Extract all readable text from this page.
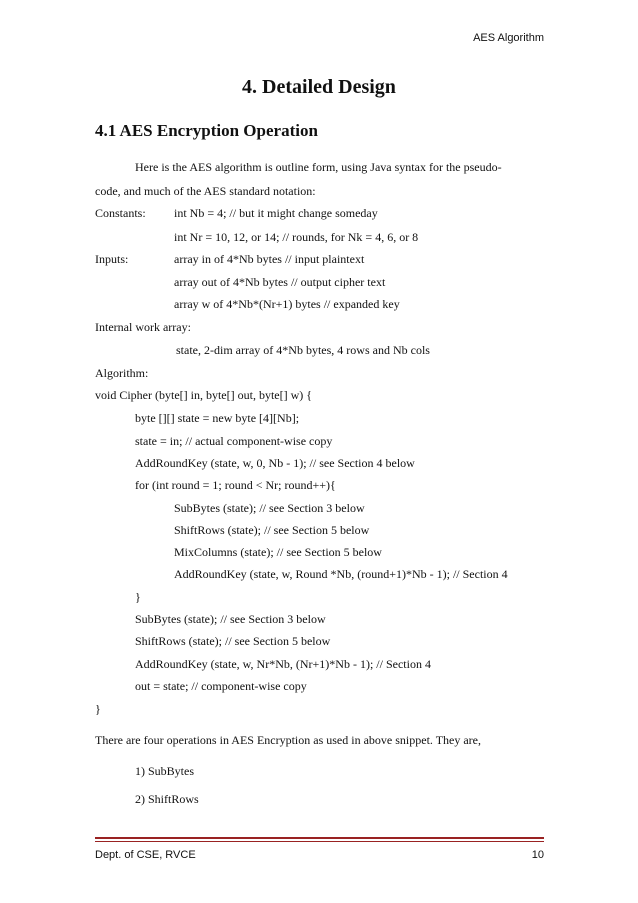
AES Algorithm
4. Detailed Design
4.1 AES Encryption Operation
Here is the AES algorithm is outline form, using Java syntax for the pseudo-
code, and much of the AES standard notation:
Constants: int Nb = 4; // but it might change someday
int Nr = 10, 12, or 14; // rounds, for Nk = 4, 6, or 8
Inputs:	array in of 4*Nb bytes // input plaintext
array out of 4*Nb bytes // output cipher text
array w of 4*Nb*(Nr+1) bytes // expanded key
Internal work array:
state, 2-dim array of 4*Nb bytes, 4 rows and Nb cols
Algorithm:
void Cipher (byte[] in, byte[] out, byte[] w) {
byte [][] state = new byte [4][Nb];
state = in; // actual component-wise copy
AddRoundKey (state, w, 0, Nb - 1); // see Section 4 below
for (int round = 1; round < Nr; round++){
SubBytes (state); // see Section 3 below
ShiftRows (state); // see Section 5 below
MixColumns (state); // see Section 5 below
AddRoundKey (state, w, Round *Nb, (round+1)*Nb - 1); // Section 4
}
SubBytes (state); // see Section 3 below
ShiftRows (state); // see Section 5 below
AddRoundKey (state, w, Nr*Nb, (Nr+1)*Nb - 1); // Section 4
out = state; // component-wise copy
}
There are four operations in AES Encryption as used in above snippet. They are,
1) SubBytes
2) ShiftRows
Dept. of CSE, RVCE	10
